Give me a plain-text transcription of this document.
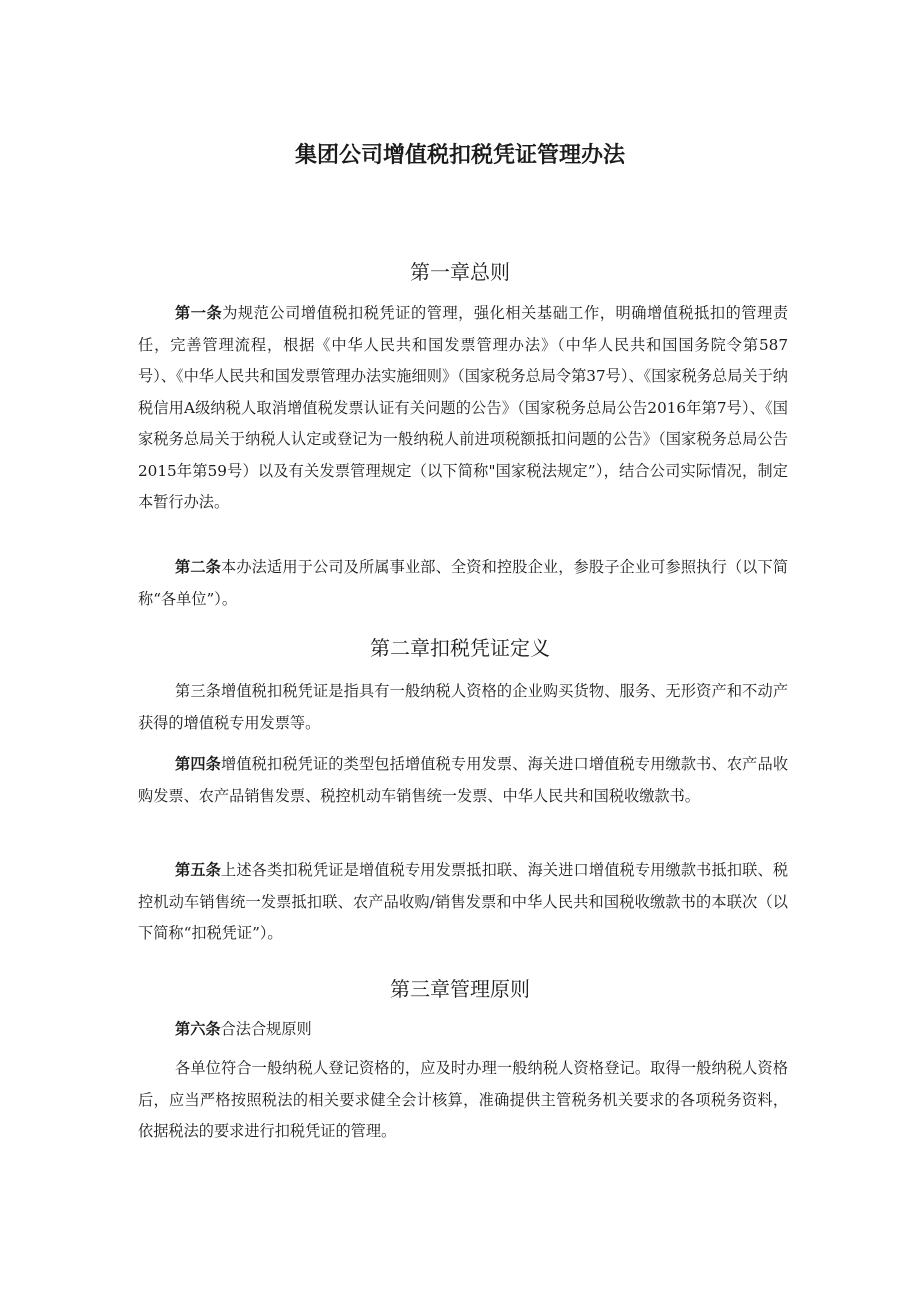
集团公司增值税扣税凭证管理办法
第一章总则

第一条为规范公司增值税扣税凭证的管理，强化相关基础工作，明确增值税抵扣的管理责任，完善管理流程，根据《中华人民共和国发票管理办法》（中华人民共和国国务院令第587号）、《中华人民共和国发票管理办法实施细则》（国家税务总局令第37号）、《国家税务总局关于纳税信用A级纳税人取消增值税发票认证有关问题的公告》（国家税务总局公告2016年第7号）、《国家税务总局关于纳税人认定或登记为一般纳税人前进项税额抵扣问题的公告》（国家税务总局公告2015年第59号）以及有关发票管理规定（以下简称"国家税法规定”），结合公司实际情况，制定本暂行办法。

第二条本办法适用于公司及所属事业部、全资和控股企业，参股子企业可参照执行（以下简称“各单位”）。

第二章扣税凭证定义

第三条增值税扣税凭证是指具有一般纳税人资格的企业购买货物、服务、无形资产和不动产获得的增值税专用发票等。

第四条增值税扣税凭证的类型包括增值税专用发票、海关进口增值税专用缴款书、农产品收购发票、农产品销售发票、税控机动车销售统一发票、中华人民共和国税收缴款书。

第五条上述各类扣税凭证是增值税专用发票抵扣联、海关进口增值税专用缴款书抵扣联、税控机动车销售统一发票抵扣联、农产品收购/销售发票和中华人民共和国税收缴款书的本联次（以下简称“扣税凭证”）。

第三章管理原则

第六条合法合规原则

各单位符合一般纳税人登记资格的，应及时办理一般纳税人资格登记。取得一般纳税人资格后，应当严格按照税法的相关要求健全会计核算，准确提供主管税务机关要求的各项税务资料，依据税法的要求进行扣税凭证的管理。
